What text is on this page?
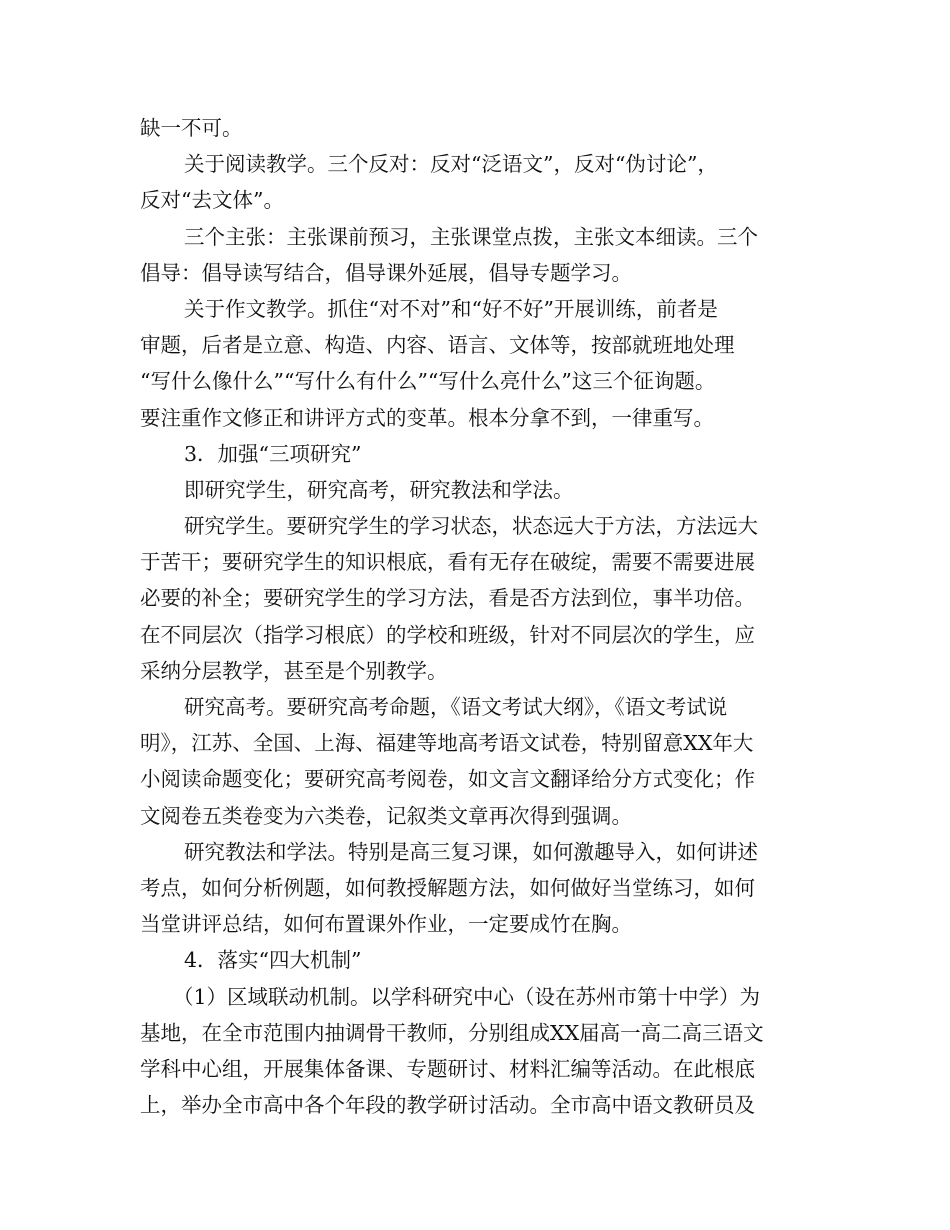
缺一不可。
关于阅读教学。三个反对：反对“泛语文”，反对“伪讨论”，
反对“去文体”。
三个主张：主张课前预习，主张课堂点拨，主张文本细读。三个
倡导：倡导读写结合，倡导课外延展，倡导专题学习。
关于作文教学。抓住“对不对”和“好不好”开展训练，前者是
审题，后者是立意、构造、内容、语言、文体等，按部就班地处理
“写什么像什么”“写什么有什么”“写什么亮什么”这三个征询题。
要注重作文修正和讲评方式的变革。根本分拿不到，一律重写。
3．加强“三项研究”
即研究学生，研究高考，研究教法和学法。
研究学生。要研究学生的学习状态，状态远大于方法，方法远大
于苦干；要研究学生的知识根底，看有无存在破绽，需要不需要进展
必要的补全；要研究学生的学习方法，看是否方法到位，事半功倍。
在不同层次（指学习根底）的学校和班级，针对不同层次的学生，应
采纳分层教学，甚至是个别教学。
研究高考。要研究高考命题，《语文考试大纲》，《语文考试说
明》，江苏、全国、上海、福建等地高考语文试卷，特别留意XX年大
小阅读命题变化；要研究高考阅卷，如文言文翻译给分方式变化；作
文阅卷五类卷变为六类卷，记叙类文章再次得到强调。
研究教法和学法。特别是高三复习课，如何激趣导入，如何讲述
考点，如何分析例题，如何教授解题方法，如何做好当堂练习，如何
当堂讲评总结，如何布置课外作业，一定要成竹在胸。
4．落实“四大机制”
（1）区域联动机制。以学科研究中心（设在苏州市第十中学）为
基地，在全市范围内抽调骨干教师，分别组成XX届高一高二高三语文
学科中心组，开展集体备课、专题研讨、材料汇编等活动。在此根底
上，举办全市高中各个年段的教学研讨活动。全市高中语文教研员及
